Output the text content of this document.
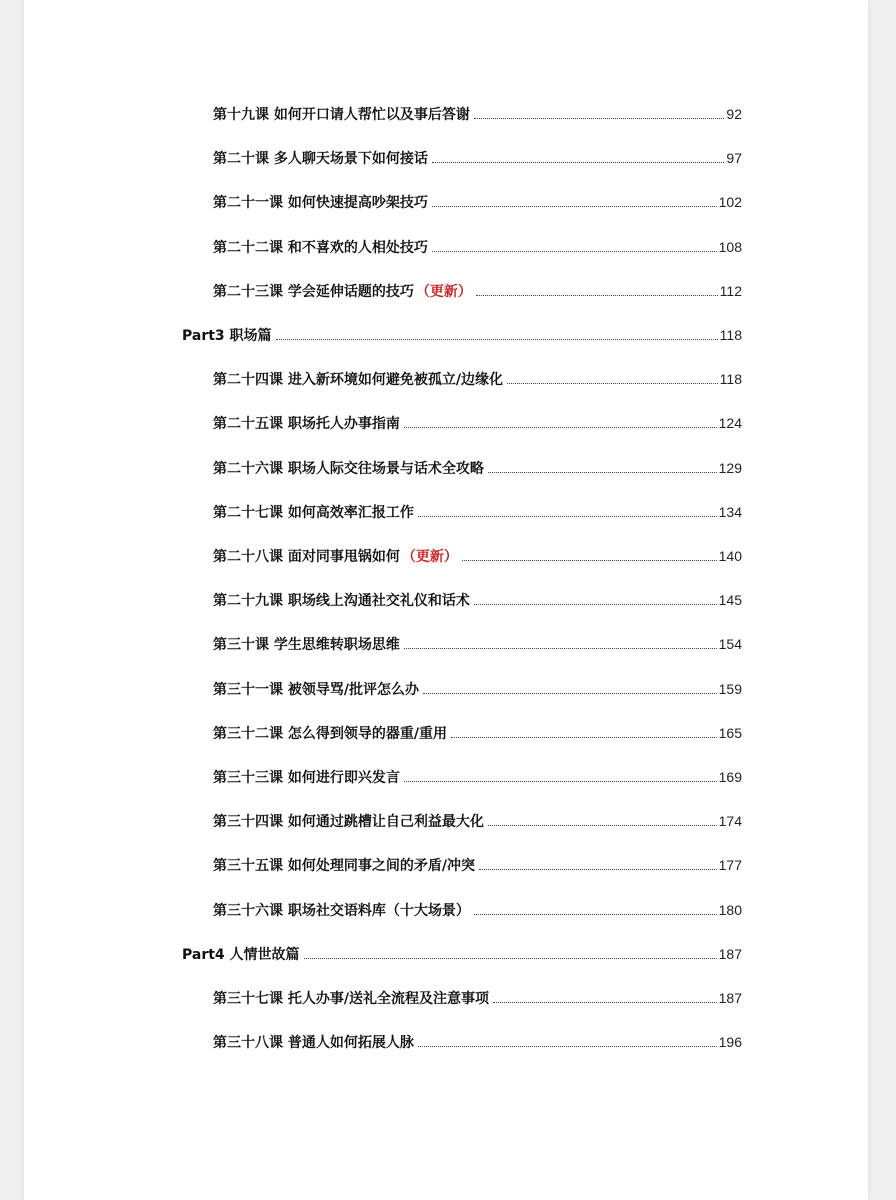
第十九课 如何开口请人帮忙以及事后答谢	92
第二十课 多人聊天场景下如何接话	97
第二十一课 如何快速提高吵架技巧	102
第二十二课 和不喜欢的人相处技巧	108
第二十三课 学会延伸话题的技巧 （更新）	112
Part3 职场篇	118
第二十四课 进入新环境如何避免被孤立/边缘化	118
第二十五课 职场托人办事指南	124
第二十六课 职场人际交往场景与话术全攻略	129
第二十七课 如何高效率汇报工作	134
第二十八课 面对同事甩锅如何 （更新）	140
第二十九课 职场线上沟通社交礼仪和话术	145
第三十课 学生思维转职场思维	154
第三十一课 被领导骂/批评怎么办	159
第三十二课 怎么得到领导的器重/重用	165
第三十三课 如何进行即兴发言	169
第三十四课 如何通过跳槽让自己利益最大化	174
第三十五课 如何处理同事之间的矛盾/冲突	177
第三十六课 职场社交语料库（十大场景）	180
Part4 人情世故篇	187
第三十七课 托人办事/送礼全流程及注意事项	187
第三十八课 普通人如何拓展人脉	196
